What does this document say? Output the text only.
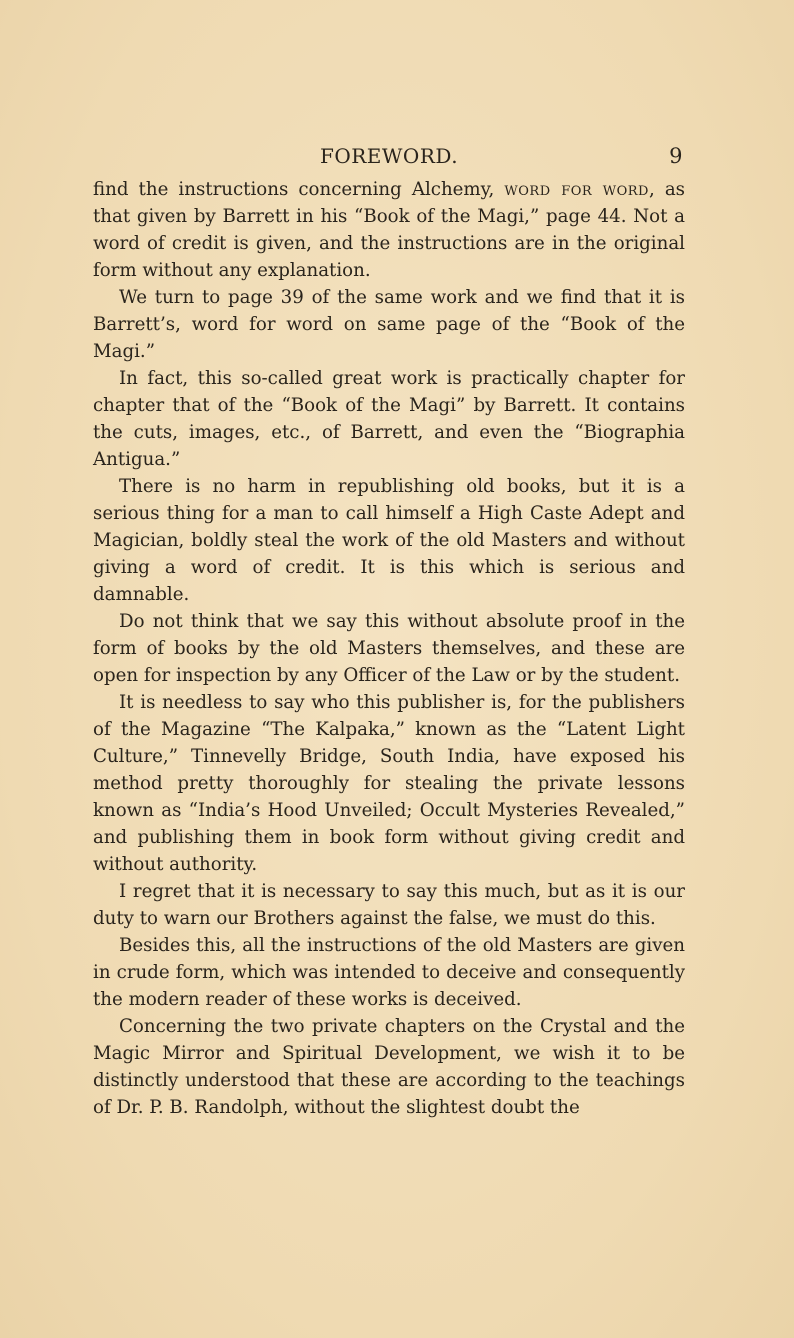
FOREWORD.	9

find the instructions concerning Alchemy, word for word, as that given by Barrett in his “Book of the Magi,” page 44. Not a word of credit is given, and the instructions are in the original form without any explanation.

We turn to page 39 of the same work and we find that it is Barrett’s, word for word on same page of the “Book of the Magi.”

In fact, this so-called great work is practically chapter for chapter that of the “Book of the Magi” by Barrett. It contains the cuts, images, etc., of Barrett, and even the “Biographia Antigua.”

There is no harm in republishing old books, but it is a serious thing for a man to call himself a High Caste Adept and Magician, boldly steal the work of the old Masters and without giving a word of credit. It is this which is serious and damnable.

Do not think that we say this without absolute proof in the form of books by the old Masters themselves, and these are open for inspection by any Officer of the Law or by the student.

It is needless to say who this publisher is, for the publishers of the Magazine “The Kalpaka,” known as the “Latent Light Culture,” Tinnevelly Bridge, South India, have exposed his method pretty thoroughly for stealing the private lessons known as “India’s Hood Unveiled; Occult Mysteries Revealed,” and publishing them in book form without giving credit and without authority.

I regret that it is necessary to say this much, but as it is our duty to warn our Brothers against the false, we must do this.

Besides this, all the instructions of the old Masters are given in crude form, which was intended to deceive and consequently the modern reader of these works is deceived.

Concerning the two private chapters on the Crystal and the Magic Mirror and Spiritual Development, we wish it to be distinctly understood that these are according to the teachings of Dr. P. B. Randolph, without the slightest doubt the
